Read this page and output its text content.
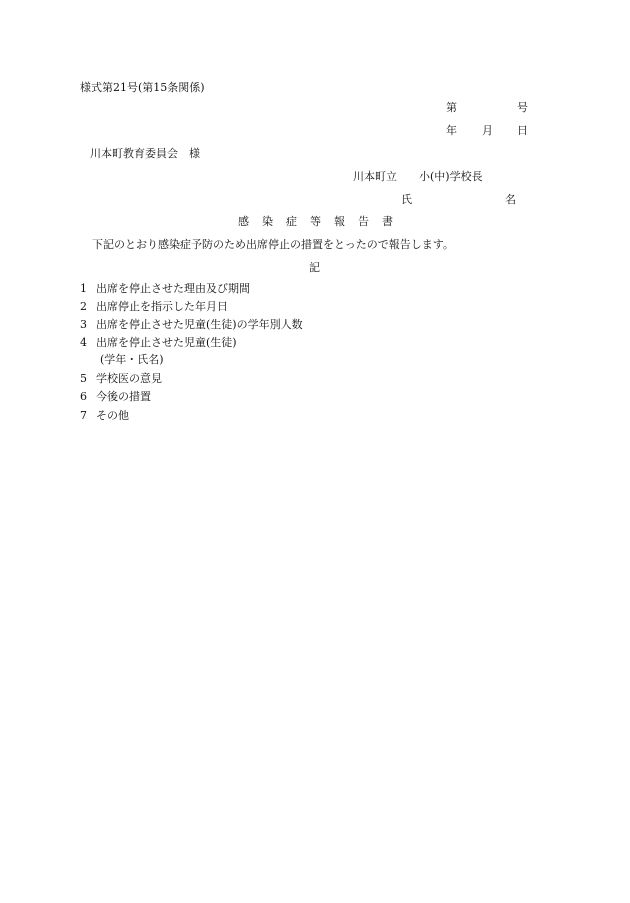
様式第21号(第15条関係)
第	号
年 月 日
川本町教育委員会　様
川本町立　　小(中)学校長
氏	名
感 染 症 等 報 告 書
下記のとおり感染症予防のため出席停止の措置をとったので報告します。
記
1 出席を停止させた理由及び期間
2 出席停止を指示した年月日
3 出席を停止させた児童(生徒)の学年別人数
4 出席を停止させた児童(生徒)
(学年・氏名)
5 学校医の意見
6 今後の措置
7 その他
